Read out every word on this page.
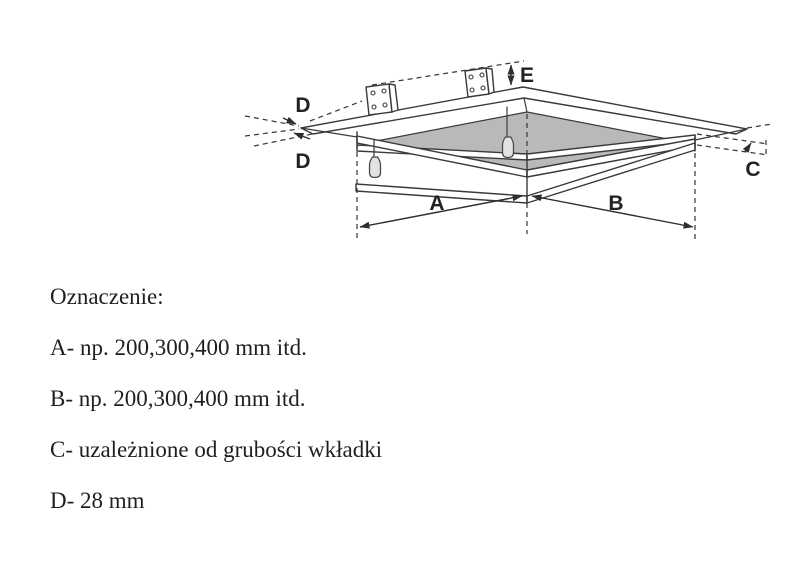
E
D
D	C
A	B
Oznaczenie:
A- np. 200,300,400 mm itd.
B- np. 200,300,400 mm itd.
C- uzależnione od grubości wkładki
D- 28 mm
